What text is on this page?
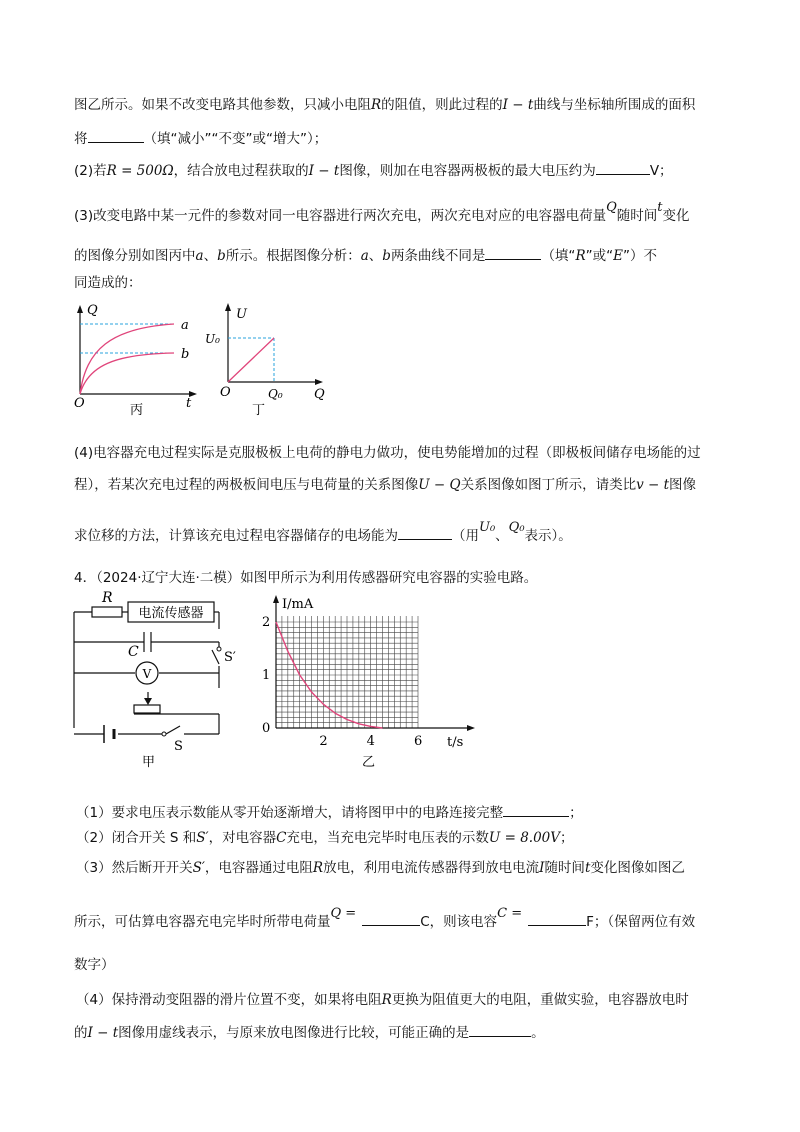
图乙所示。如果不改变电路其他参数，只减小电阻R的阻值，则此过程的I − t曲线与坐标轴所围成的面积
将	（填“减小”“不变”或“增大”）；
(2)若R = 500Ω，结合放电过程获取的I − t图像，则加在电容器两极板的最大电压约为	V；
(3)改变电路中某一元件的参数对同一电容器进行两次充电，两次充电对应的电容器电荷量Q随时间t变化
的图像分别如图丙中a、b所示。根据图像分析：a、b两条曲线不同是	（填“R”或“E”）不
同造成的：
Q
a
b
O	t
丙
U
U₀
O	Q₀ Q
丁
(4)电容器充电过程实际是克服极板上电荷的静电力做功，使电势能增加的过程（即极板间储存电场能的过
程），若某次充电过程的两极板间电压与电荷量的关系图像U − Q关系图像如图丁所示，请类比v − t图像
求位移的方法，计算该充电过程电容器储存的电场能为	（用U₀、Q₀表示）。
4．（2024·辽宁大连·二模）如图甲所示为利用传感器研究电容器的实验电路。
R
电流传感器
C	S′
V
S
甲
2
1
0
2	4	6
I/mA
t/s
乙
（1）要求电压表示数能从零开始逐渐增大，请将图甲中的电路连接完整	；
（2）闭合开关 S 和S′，对电容器C充电，当充电完毕时电压表的示数U = 8.00V；
（3）然后断开开关S′，电容器通过电阻R放电，利用电流传感器得到放电电流I随时间t变化图像如图乙
所示，可估算电容器充电完毕时所带电荷量Q =C，则该电容C =F；（保留两位有效
数字）
（4）保持滑动变阻器的滑片位置不变，如果将电阻R更换为阻值更大的电阻，重做实验，电容器放电时
的I − t图像用虚线表示，与原来放电图像进行比较，可能正确的是	。
